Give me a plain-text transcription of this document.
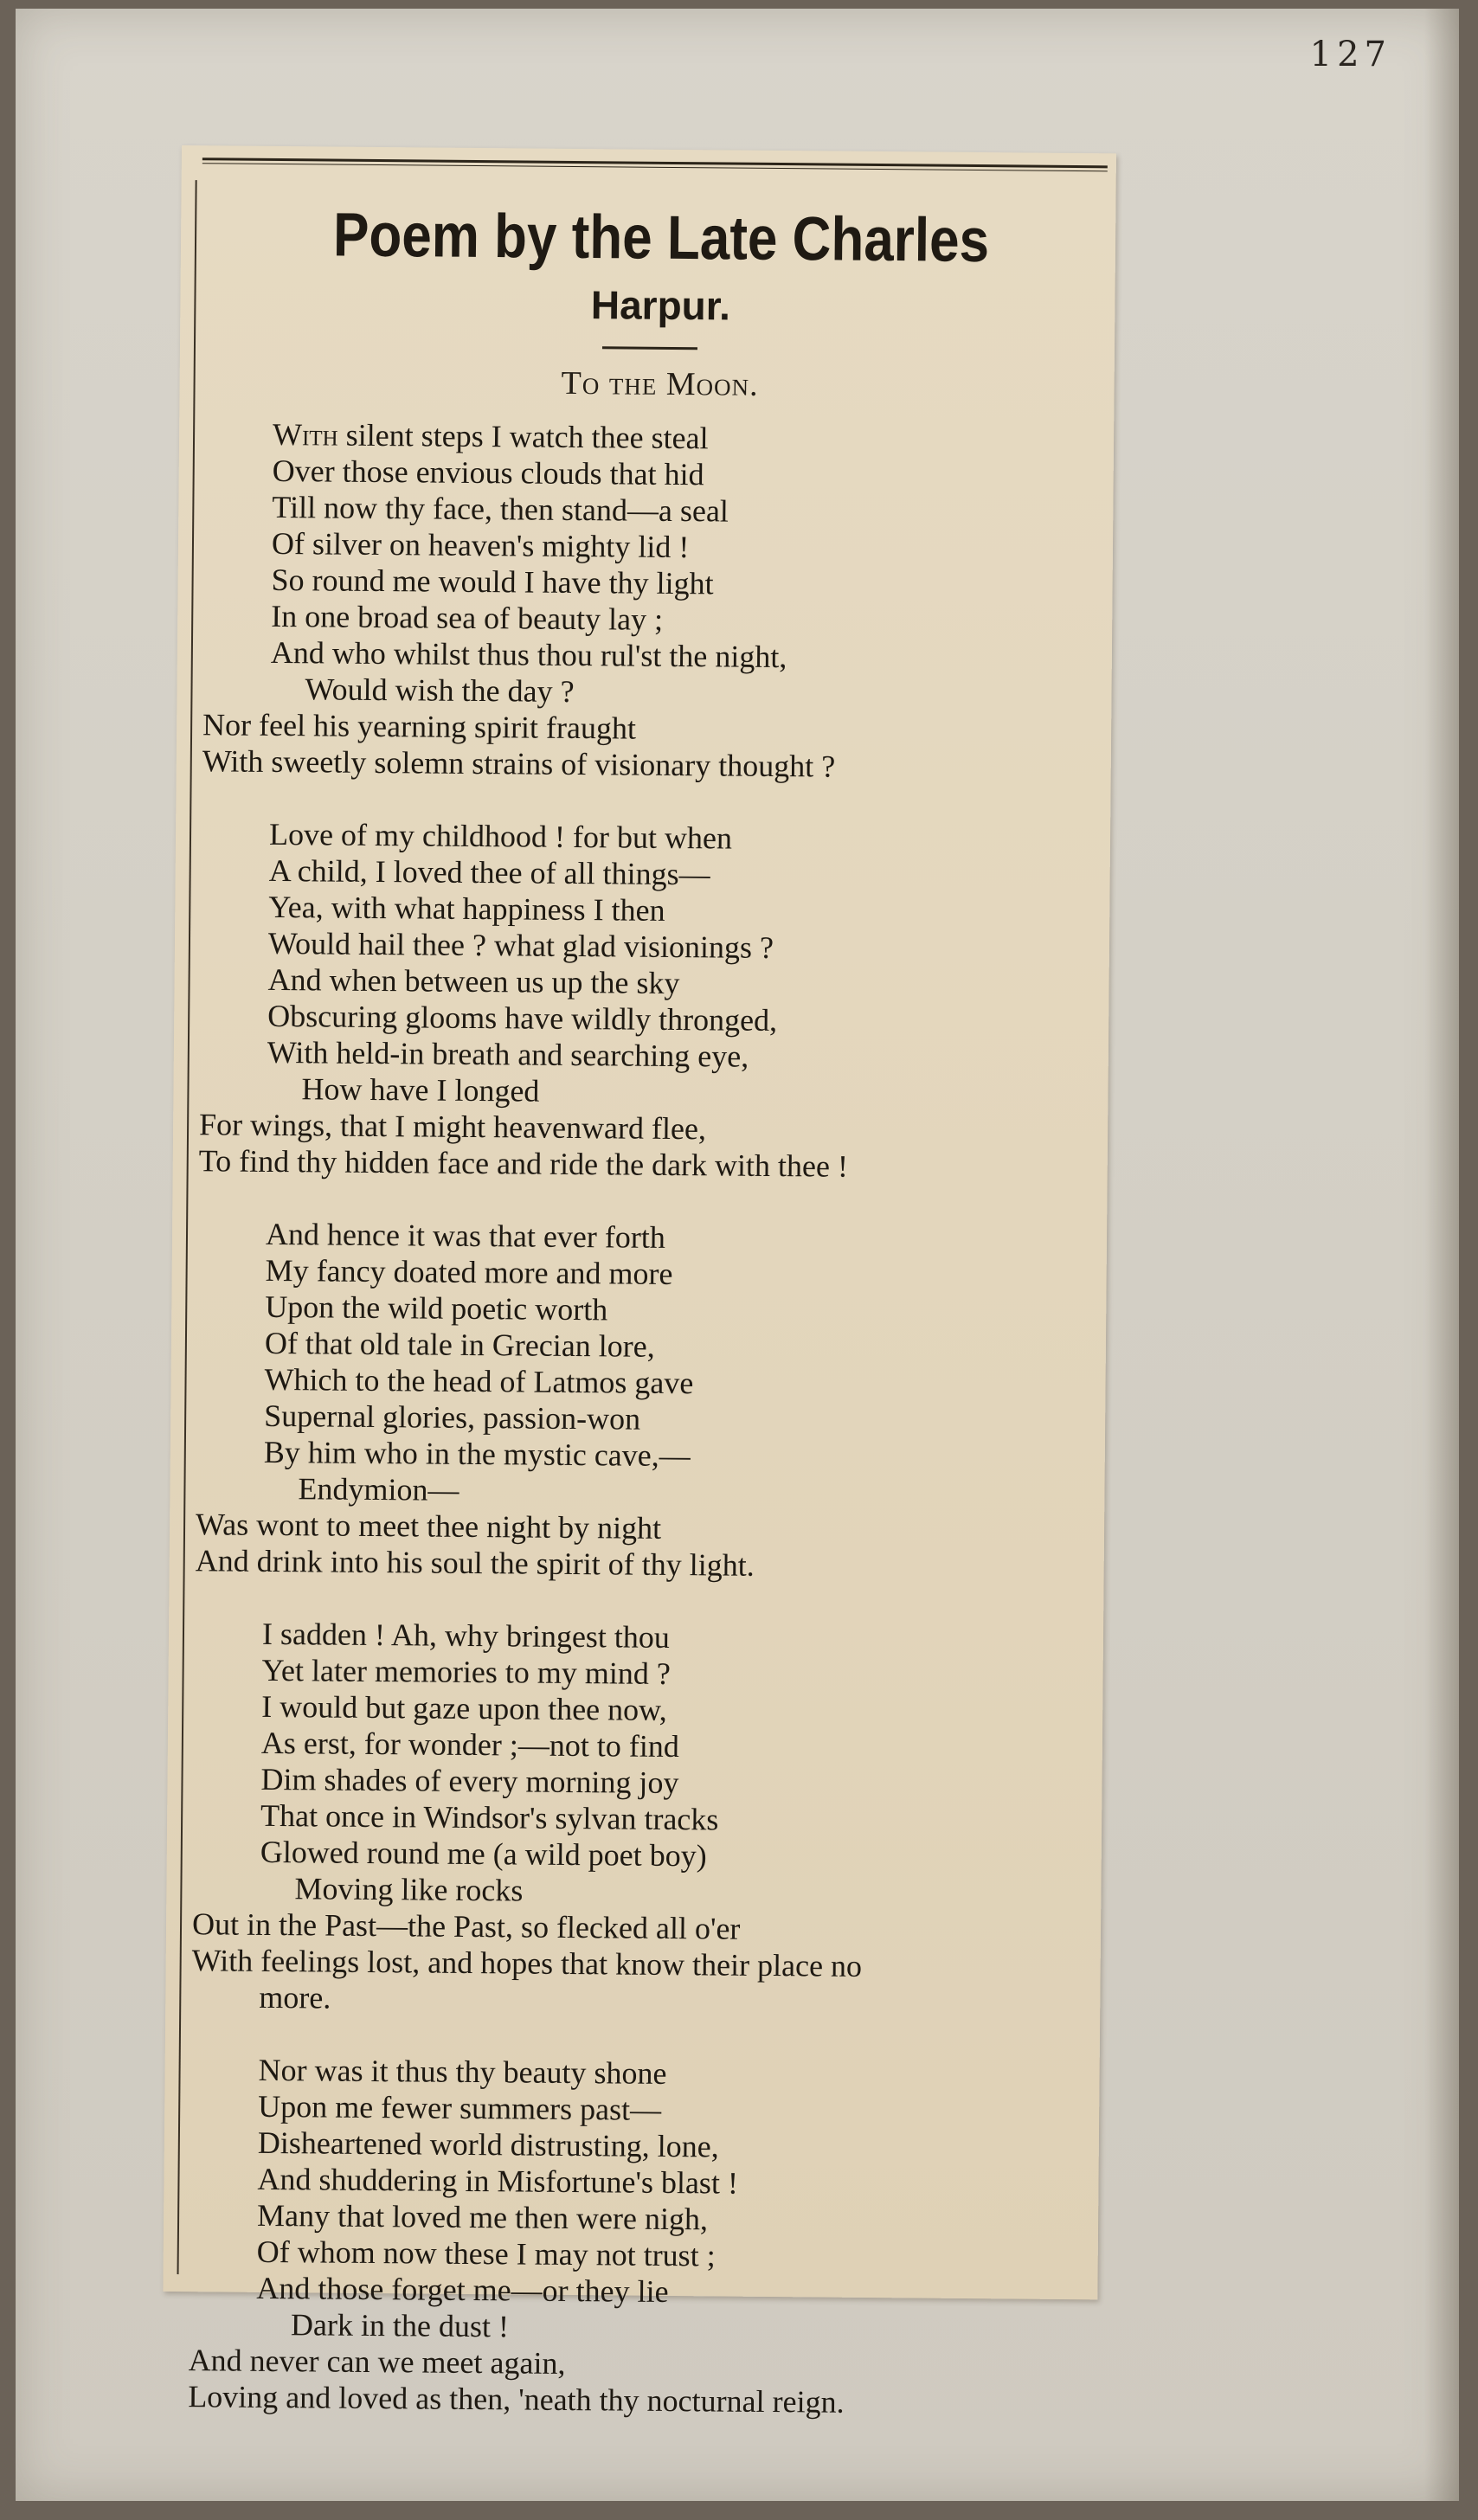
127
Poem by the Late Charles
Harpur.
To the Moon.
With silent steps I watch thee steal
Over those envious clouds that hid
Till now thy face, then stand—a seal
Of silver on heaven's mighty lid !
So round me would I have thy light
In one broad sea of beauty lay ;
And who whilst thus thou rul'st the night,
Would wish the day ?
Nor feel his yearning spirit fraught
With sweetly solemn strains of visionary thought ?
Love of my childhood ! for but when
A child, I loved thee of all things—
Yea, with what happiness I then
Would hail thee ? what glad visionings ?
And when between us up the sky
Obscuring glooms have wildly thronged,
With held-in breath and searching eye,
How have I longed
For wings, that I might heavenward flee,
To find thy hidden face and ride the dark with thee !
And hence it was that ever forth
My fancy doated more and more
Upon the wild poetic worth
Of that old tale in Grecian lore,
Which to the head of Latmos gave
Supernal glories, passion-won
By him who in the mystic cave,—
Endymion—
Was wont to meet thee night by night
And drink into his soul the spirit of thy light.
I sadden ! Ah, why bringest thou
Yet later memories to my mind ?
I would but gaze upon thee now,
As erst, for wonder ;—not to find
Dim shades of every morning joy
That once in Windsor's sylvan tracks
Glowed round me (a wild poet boy)
Moving like rocks
Out in the Past—the Past, so flecked all o'er
With feelings lost, and hopes that know their place no
more.
Nor was it thus thy beauty shone
Upon me fewer summers past—
Disheartened world distrusting, lone,
And shuddering in Misfortune's blast !
Many that loved me then were nigh,
Of whom now these I may not trust ;
And those forget me—or they lie
Dark in the dust !
And never can we meet again,
Loving and loved as then, 'neath thy nocturnal reign.
